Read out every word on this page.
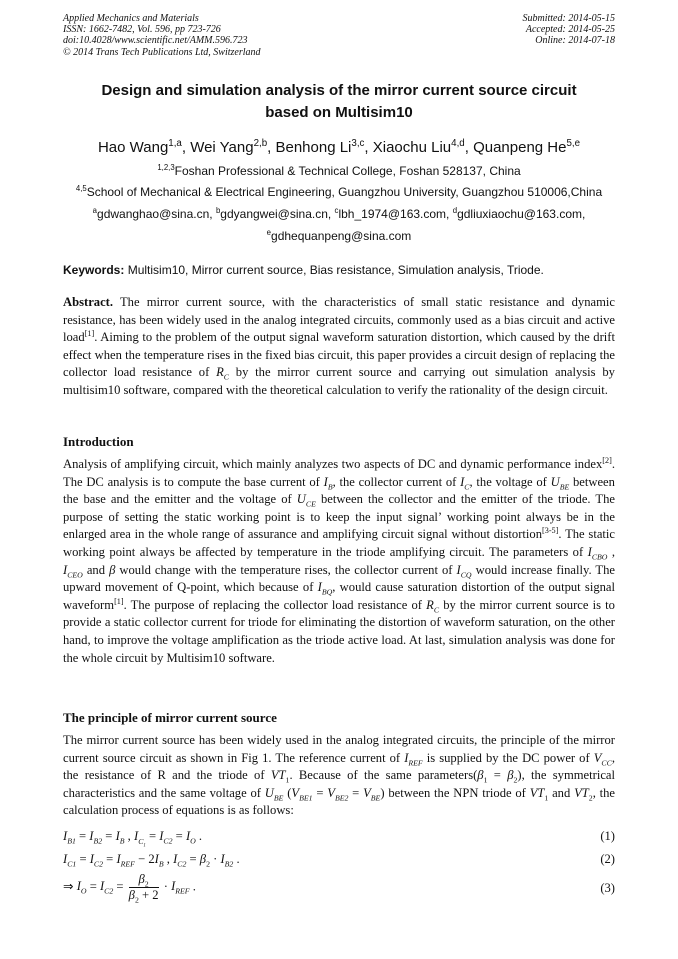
Applied Mechanics and Materials
ISSN: 1662-7482, Vol. 596, pp 723-726
doi:10.4028/www.scientific.net/AMM.596.723
© 2014 Trans Tech Publications Ltd, Switzerland
Submitted: 2014-05-15
Accepted: 2014-05-25
Online: 2014-07-18
Design and simulation analysis of the mirror current source circuit
based on Multisim10
Hao Wang$^{1,a}$, Wei Yang$^{2,b}$, Benhong Li$^{3,c}$, Xiaochu Liu$^{4,d}$, Quanpeng He$^{5,e}$
$^{1,2,3}$Foshan Professional & Technical College, Foshan 528137, China
$^{4,5}$School of Mechanical & Electrical Engineering, Guangzhou University, Guangzhou 510006,China
$^a$gdwanghao@sina.cn, $^b$gdyangwei@sina.cn, $^c$lbh_1974@163.com, $^d$gdliuxiaochu@163.com,
$^e$gdhequanpeng@sina.com
Keywords: Multisim10, Mirror current source, Bias resistance, Simulation analysis, Triode.
Abstract. The mirror current source, with the characteristics of small static resistance and dynamic resistance, has been widely used in the analog integrated circuits, commonly used as a bias circuit and active load[1]. Aiming to the problem of the output signal waveform saturation distortion, which caused by the drift effect when the temperature rises in the fixed bias circuit, this paper provides a circuit design of replacing the collector load resistance of $R_C$ by the mirror current source and carrying out simulation analysis by multisim10 software, compared with the theoretical calculation to verify the rationality of the design circuit.
Introduction
Analysis of amplifying circuit, which mainly analyzes two aspects of DC and dynamic performance index[2]. The DC analysis is to compute the base current of $I_B$, the collector current of $I_C$, the voltage of $U_{BE}$ between the base and the emitter and the voltage of $U_{CE}$ between the collector and the emitter of the triode. The purpose of setting the static working point is to keep the input signal’ working point always be in the enlarged area in the whole range of assurance and amplifying circuit signal without distortion[3-5]. The static working point always be affected by temperature in the triode amplifying circuit. The parameters of $I_{CBO}$ , $I_{CEO}$ and β would change with the temperature rises, the collector current of $I_{CQ}$ would increase finally. The upward movement of Q-point, which because of $I_{BQ}$, would cause saturation distortion of the output signal waveform[1]. The purpose of replacing the collector load resistance of $R_C$ by the mirror current source is to provide a static collector current for triode for eliminating the distortion of waveform saturation, on the other hand, to improve the voltage amplification as the triode active load. At last, simulation analysis was done for the whole circuit by Multisim10 software.
The principle of mirror current source
The mirror current source has been widely used in the analog integrated circuits, the principle of the mirror current source circuit as shown in Fig 1. The reference current of $I_{REF}$ is supplied by the DC power of $V_{CC}$, the resistance of R and the triode of $VT_1$. Because of the same $parameters(\beta_1 = \beta_2)$, the symmetrical characteristics and the same voltage of $U_{BE}$ $(V_{BE1} = V_{BE2} = V_{BE})$ between the NPN triode of $VT_1$ and $VT_2$, the calculation process of equations is as follows:
$I_{B1} = I_{B2} = I_B$ , $I_{C_1} = I_{C2} = I_O$ .	(1)
$I_{C1} = I_{C2} = I_{REF} - 2I_B$ , $I_{C2} = \beta_2 \cdot I_{B2}$ .	(2)
⇒ $I_O = I_{C2} = \frac{\beta_2}{\beta_2 + 2} \cdot I_{REF}$ .	(3)
